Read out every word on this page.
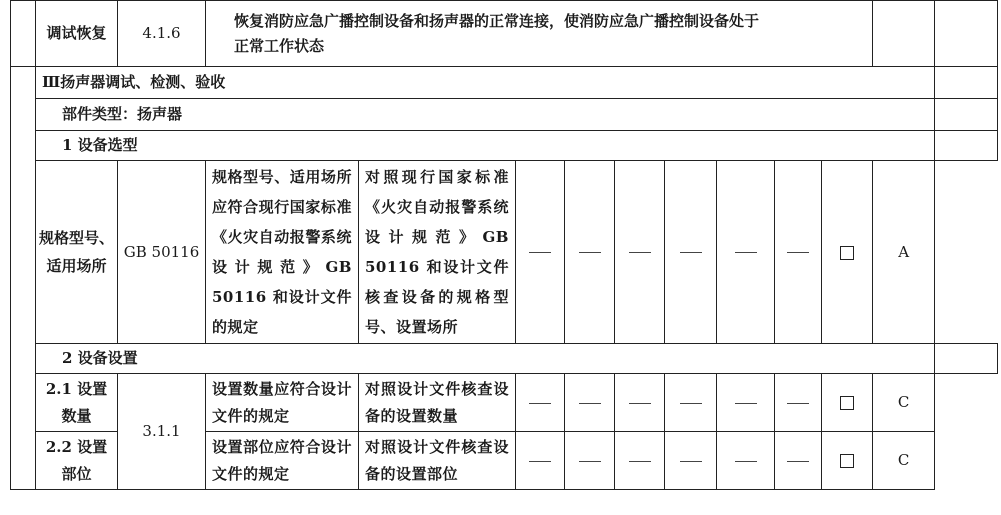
	调试恢复	4.1.6	恢复消防应急广播控制设备和扬声器的正常连接，使消防应急广播控制设备处于正常工作状态										
	Ⅲ扬声器调试、检测、验收												
	部件类型：扬声器												
	1 设备选型												
	规格型号、适用场所	GB 50116	规格型号、适用场所应符合现行国家标准《火灾自动报警系统设计规范》GB 50116 和设计文件的规定	对照现行国家标准《火灾自动报警系统设计规范》GB 50116 和设计文件核查设备的规格型号、设置场所								A	
	2 设备设置												
	2.1 设置数量	3.1.1	设置数量应符合设计文件的规定	对照设计文件核查设备的设置数量								C	
	2.2 设置部位		设置部位应符合设计文件的规定	对照设计文件核查设备的设置部位								C	
